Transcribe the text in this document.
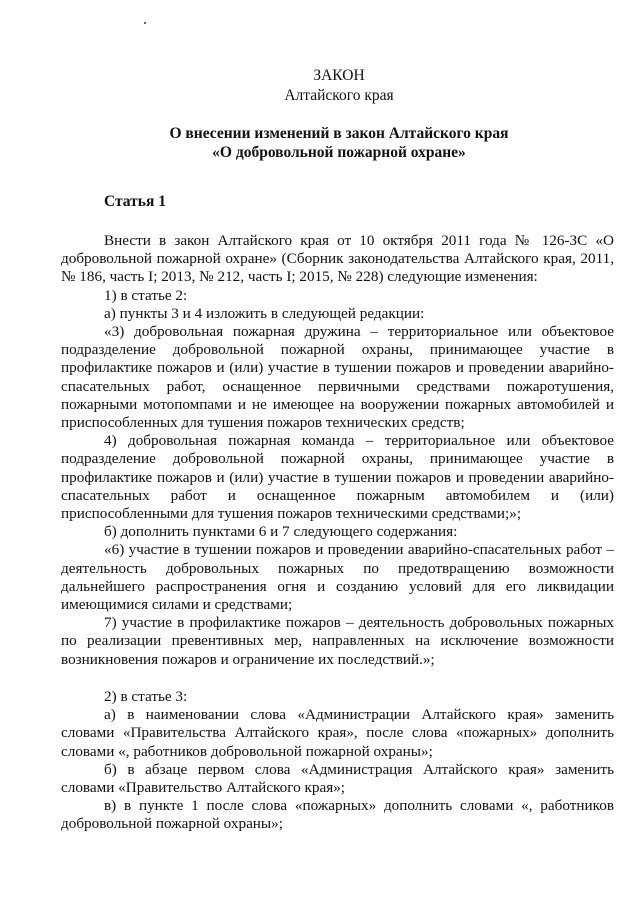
ЗАКОН
Алтайского края
О внесении изменений в закон Алтайского края
«О добровольной пожарной охране»
Статья 1

Внести в закон Алтайского края от 10 октября 2011 года № 126-ЗС «О добровольной пожарной охране» (Сборник законодательства Алтайского края, 2011, № 186, часть I; 2013, № 212, часть I; 2015, № 228) следующие изменения:

1) в статье 2:

а) пункты 3 и 4 изложить в следующей редакции:

«3) добровольная пожарная дружина – территориальное или объектовое подразделение добровольной пожарной охраны, принимающее участие в профилактике пожаров и (или) участие в тушении пожаров и проведении аварийно-спасательных работ, оснащенное первичными средствами пожаротушения, пожарными мотопомпами и не имеющее на вооружении пожарных автомобилей и приспособленных для тушения пожаров технических средств;

4) добровольная пожарная команда – территориальное или объектовое подразделение добровольной пожарной охраны, принимающее участие в профилактике пожаров и (или) участие в тушении пожаров и проведении аварийно-спасательных работ и оснащенное пожарным автомобилем и (или) приспособленными для тушения пожаров техническими средствами;»;

б) дополнить пунктами 6 и 7 следующего содержания:

«6) участие в тушении пожаров и проведении аварийно-спасательных работ – деятельность добровольных пожарных по предотвращению возможности дальнейшего распространения огня и созданию условий для его ликвидации имеющимися силами и средствами;

7) участие в профилактике пожаров – деятельность добровольных пожарных по реализации превентивных мер, направленных на исключение возможности возникновения пожаров и ограничение их последствий.»;

2) в статье 3:

а) в наименовании слова «Администрации Алтайского края» заменить словами «Правительства Алтайского края», после слова «пожарных» дополнить словами «, работников добровольной пожарной охраны»;

б) в абзаце первом слова «Администрация Алтайского края» заменить словами «Правительство Алтайского края»;

в) в пункте 1 после слова «пожарных» дополнить словами «, работников добровольной пожарной охраны»;
